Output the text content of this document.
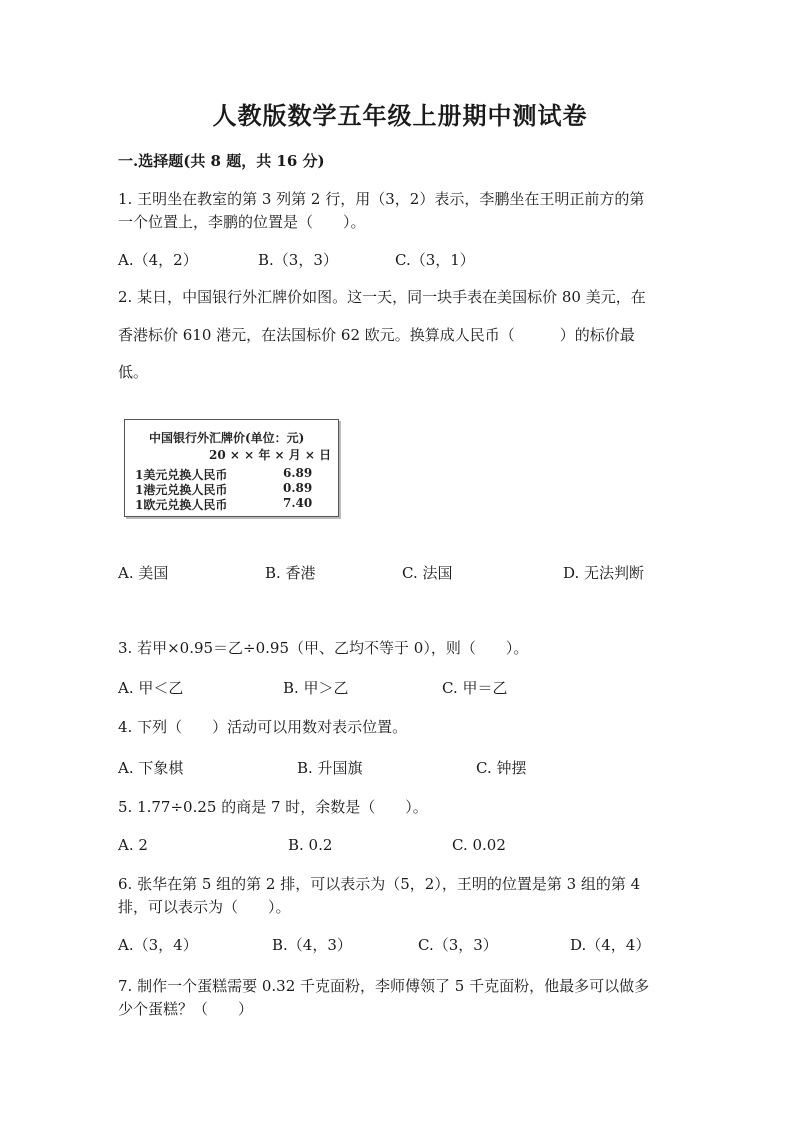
人教版数学五年级上册期中测试卷
一.选择题(共 8 题，共 16 分)
1. 王明坐在教室的第 3 列第 2 行，用（3，2）表示，李鹏坐在王明正前方的第
一个位置上，李鹏的位置是（　　）。
A.（4，2）	B.（3，3）	C.（3，1）
2. 某日，中国银行外汇牌价如图。这一天，同一块手表在美国标价 80 美元，在
香港标价 610 港元，在法国标价 62 欧元。换算成人民币（　　　）的标价最
低。
中国银行外汇牌价(单位：元)
20 × × 年 × 月 × 日
1美元兑换人民币	6.89
1港元兑换人民币	0.89
1欧元兑换人民币	7.40
A. 美国	B. 香港	C. 法国	D. 无法判断
3. 若甲×0.95＝乙÷0.95（甲、乙均不等于 0），则（　　）。
A. 甲＜乙	B. 甲＞乙	C. 甲＝乙
4. 下列（　　）活动可以用数对表示位置。
A. 下象棋	B. 升国旗	C. 钟摆
5. 1.77÷0.25 的商是 7 时，余数是（　　）。
A. 2	B. 0.2	C. 0.02
6. 张华在第 5 组的第 2 排，可以表示为（5，2），王明的位置是第 3 组的第 4
排，可以表示为（　　）。
A.（3，4）	B.（4，3）	C.（3，3）	D.（4，4）
7. 制作一个蛋糕需要 0.32 千克面粉，李师傅领了 5 千克面粉，他最多可以做多
少个蛋糕？（　　）
